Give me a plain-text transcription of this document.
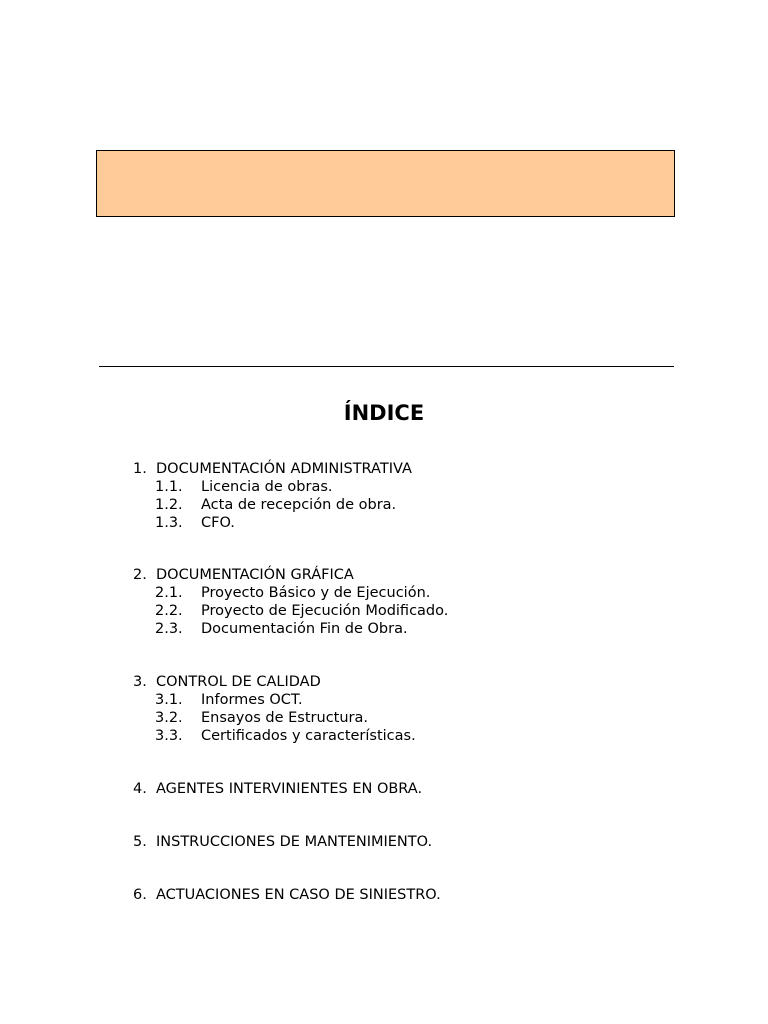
ÍNDICE
1. DOCUMENTACIÓN ADMINISTRATIVA
1.1. Licencia de obras.
1.2. Acta de recepción de obra.
1.3. CFO.
2. DOCUMENTACIÓN GRÁFICA
2.1. Proyecto Básico y de Ejecución.
2.2. Proyecto de Ejecución Modificado.
2.3. Documentación Fin de Obra.
3. CONTROL DE CALIDAD
3.1. Informes OCT.
3.2. Ensayos de Estructura.
3.3. Certificados y características.
4. AGENTES INTERVINIENTES EN OBRA.
5. INSTRUCCIONES DE MANTENIMIENTO.
6. ACTUACIONES EN CASO DE SINIESTRO.
